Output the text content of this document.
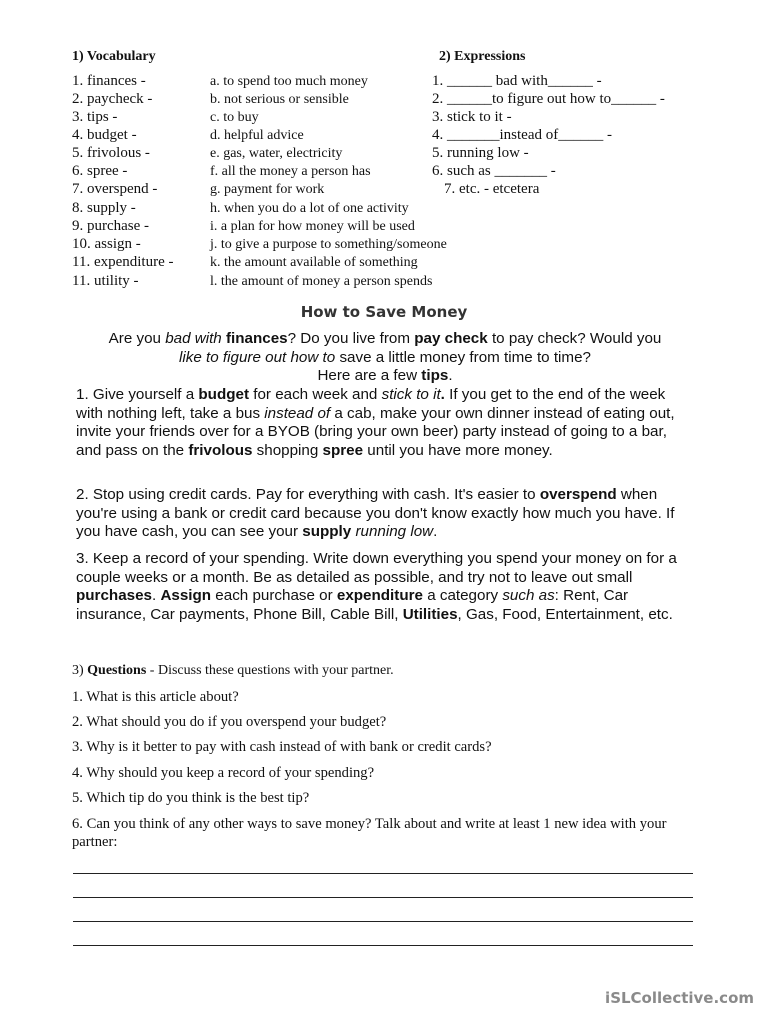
1) Vocabulary	2) Expressions
1. finances -
2. paycheck -
3. tips -
4. budget -
5. frivolous -
6. spree -
7. overspend -
8. supply -
9. purchase -
10. assign -
11. expenditure -
11. utility -
a. to spend too much money
b. not serious or sensible
c. to buy
d. helpful advice
e. gas, water, electricity
f. all the money a person has
g. payment for work
h. when you do a lot of one activity
i. a plan for how money will be used
j. to give a purpose to something/someone
k. the amount available of something
l. the amount of money a person spends
1. ______ bad with______ -
2. ______to figure out how to______ -
3. stick to it -
4. _______instead of______ -
5. running low -
6. such as _______ -
7. etc. - etcetera
How to Save Money
Are you bad with finances? Do you live from pay check to pay check? Would you
like to figure out how to save a little money from time to time?
Here are a few tips.
1. Give yourself a budget for each week and stick to it. If you get to the end of the week with nothing left, take a bus instead of a cab, make your own dinner instead of eating out, invite your friends over for a BYOB (bring your own beer) party instead of going to a bar, and pass on the frivolous shopping spree until you have more money.
2. Stop using credit cards. Pay for everything with cash. It's easier to overspend when you're using a bank or credit card because you don't know exactly how much you have. If you have cash, you can see your supply running low.
3. Keep a record of your spending. Write down everything you spend your money on for a couple weeks or a month. Be as detailed as possible, and try not to leave out small purchases. Assign each purchase or expenditure a category such as: Rent, Car insurance, Car payments, Phone Bill, Cable Bill, Utilities, Gas, Food, Entertainment, etc.
3) Questions - Discuss these questions with your partner.
1. What is this article about?
2. What should you do if you overspend your budget?
3. Why is it better to pay with cash instead of with bank or credit cards?
4. Why should you keep a record of your spending?
5. Which tip do you think is the best tip?
6. Can you think of any other ways to save money? Talk about and write at least 1 new idea with your partner:
iSLCollective.com
